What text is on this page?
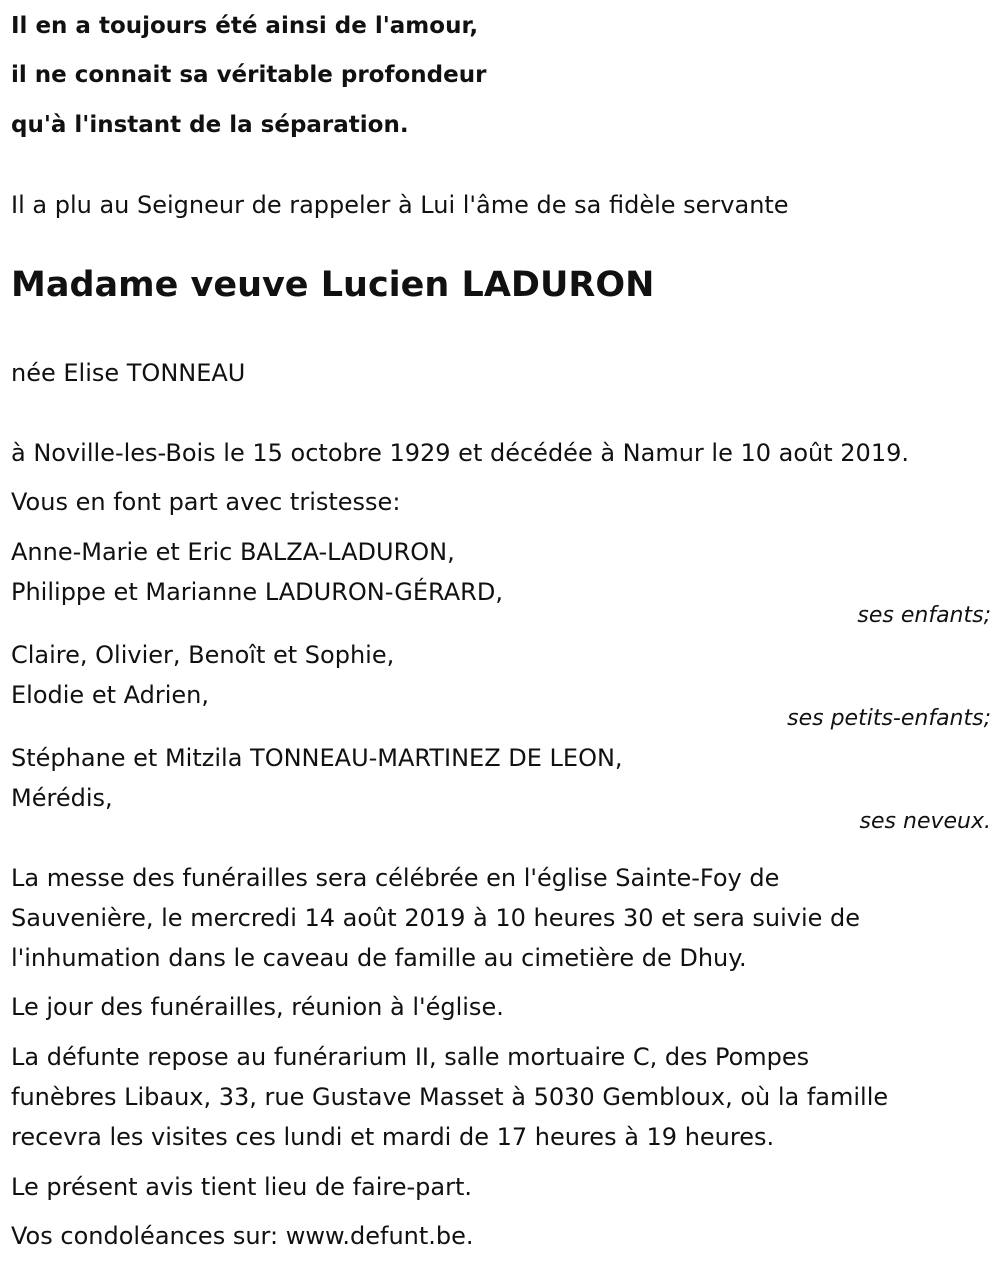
Il en a toujours été ainsi de l'amour,
il ne connait sa véritable profondeur
qu'à l'instant de la séparation.
Il a plu au Seigneur de rappeler à Lui l'âme de sa fidèle servante
Madame veuve Lucien LADURON
née Elise TONNEAU
à Noville-les-Bois le 15 octobre 1929 et décédée à Namur le 10 août 2019.
Vous en font part avec tristesse:
Anne-Marie et Eric BALZA-LADURON,
Philippe et Marianne LADURON-GÉRARD,
ses enfants;
Claire, Olivier, Benoît et Sophie,
Elodie et Adrien,
ses petits-enfants;
Stéphane et Mitzila TONNEAU-MARTINEZ DE LEON,
Mérédis,
ses neveux.
La messe des funérailles sera célébrée en l'église Sainte-Foy de
Sauvenière, le mercredi 14 août 2019 à 10 heures 30 et sera suivie de
l'inhumation dans le caveau de famille au cimetière de Dhuy.
Le jour des funérailles, réunion à l'église.
La défunte repose au funérarium II, salle mortuaire C, des Pompes
funèbres Libaux, 33, rue Gustave Masset à 5030 Gembloux, où la famille
recevra les visites ces lundi et mardi de 17 heures à 19 heures.
Le présent avis tient lieu de faire-part.
Vos condoléances sur: www.defunt.be.
